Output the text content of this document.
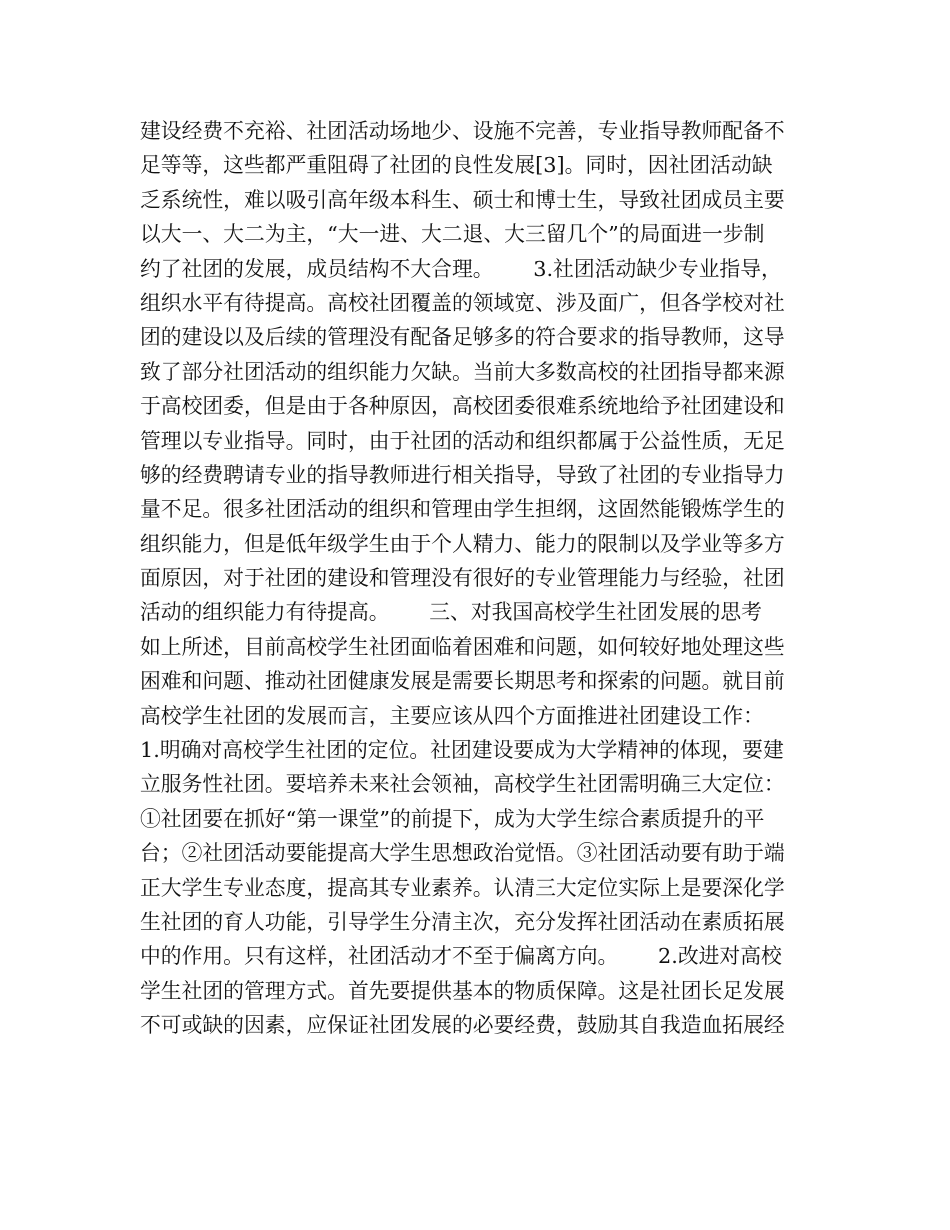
建设经费不充裕、社团活动场地少、设施不完善，专业指导教师配备不
足等等，这些都严重阻碍了社团的良性发展[3]。同时，因社团活动缺
乏系统性，难以吸引高年级本科生、硕士和博士生，导致社团成员主要
以大一、大二为主，“大一进、大二退、大三留几个”的局面进一步制
约了社团的发展，成员结构不大合理。      3.社团活动缺少专业指导，
组织水平有待提高。高校社团覆盖的领域宽、涉及面广，但各学校对社
团的建设以及后续的管理没有配备足够多的符合要求的指导教师，这导
致了部分社团活动的组织能力欠缺。当前大多数高校的社团指导都来源
于高校团委，但是由于各种原因，高校团委很难系统地给予社团建设和
管理以专业指导。同时，由于社团的活动和组织都属于公益性质，无足
够的经费聘请专业的指导教师进行相关指导，导致了社团的专业指导力
量不足。很多社团活动的组织和管理由学生担纲，这固然能锻炼学生的
组织能力，但是低年级学生由于个人精力、能力的限制以及学业等多方
面原因，对于社团的建设和管理没有很好的专业管理能力与经验，社团
活动的组织能力有待提高。      三、对我国高校学生社团发展的思考
如上所述，目前高校学生社团面临着困难和问题，如何较好地处理这些
困难和问题、推动社团健康发展是需要长期思考和探索的问题。就目前
高校学生社团的发展而言，主要应该从四个方面推进社团建设工作：
1.明确对高校学生社团的定位。社团建设要成为大学精神的体现，要建
立服务性社团。要培养未来社会领袖，高校学生社团需明确三大定位：
①社团要在抓好“第一课堂”的前提下，成为大学生综合素质提升的平
台；②社团活动要能提高大学生思想政治觉悟。③社团活动要有助于端
正大学生专业态度，提高其专业素养。认清三大定位实际上是要深化学
生社团的育人功能，引导学生分清主次，充分发挥社团活动在素质拓展
中的作用。只有这样，社团活动才不至于偏离方向。      2.改进对高校
学生社团的管理方式。首先要提供基本的物质保障。这是社团长足发展
不可或缺的因素，应保证社团发展的必要经费，鼓励其自我造血拓展经
